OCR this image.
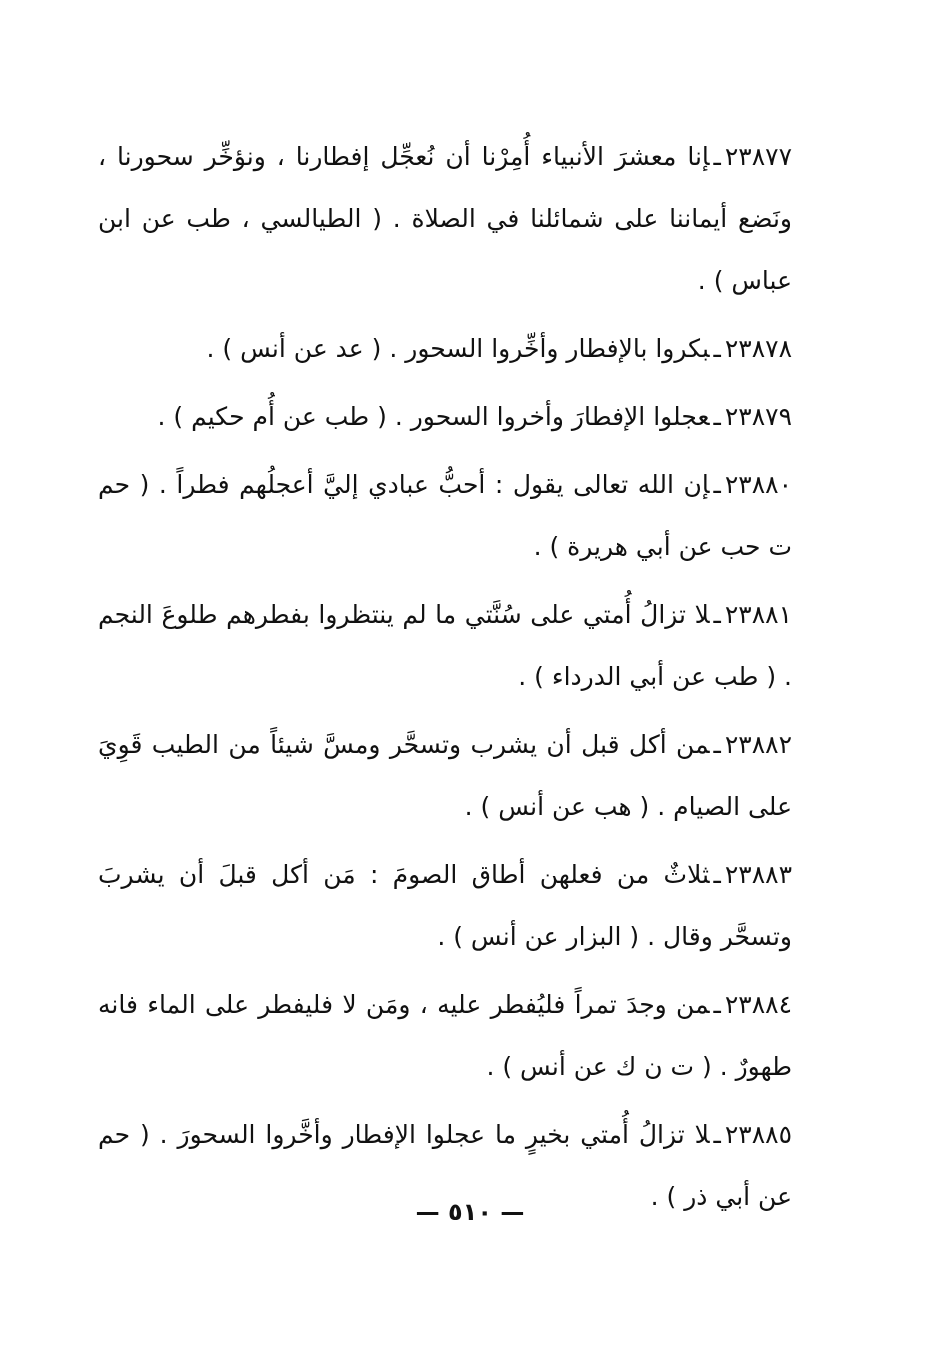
٢٣٨٧٧ـإنا معشرَ الأنبياء أُمِرْنا أن نُعجِّل إفطارنا ، ونؤخِّر سحورنا ، ونَضع أيماننا على شمائلنا في الصلاة . ( الطيالسي ، طب عن ابن عباس ) .

٢٣٨٧٨ـبكروا بالإفطار وأخِّروا السحور . ( عد عن أنس ) .

٢٣٨٧٩ـعجلوا الإفطارَ وأخروا السحور . ( طب عن أُم حكيم ) .

٢٣٨٨٠ـإن الله تعالى يقول : أحبُّ عبادي إليَّ أعجلُهم فطراً . ( حم ت حب عن أبي هريرة ) .

٢٣٨٨١ـلا تزالُ أُمتي على سُنَّتي ما لم ينتظروا بفطرهم طلوعَ النجم . ( طب عن أبي الدرداء ) .

٢٣٨٨٢ـمن أكل قبل أن يشرب وتسحَّر ومسَّ شيئاً من الطيب قَوِيَ على الصيام . ( هب عن أنس ) .

٢٣٨٨٣ـثلاثٌ من فعلهن أطاق الصومَ : مَن أكل قبلَ أن يشربَ وتسحَّر وقال . ( البزار عن أنس ) .

٢٣٨٨٤ـمن وجدَ تمراً فليُفطر عليه ، ومَن لا فليفطر على الماء فانه طهورٌ . ( ت ن ك عن أنس ) .

٢٣٨٨٥ـلا تزالُ أُمتي بخيرٍ ما عجلوا الإفطار وأخَّروا السحورَ . ( حم عن أبي ذر ) .

— ٥١٠ —
